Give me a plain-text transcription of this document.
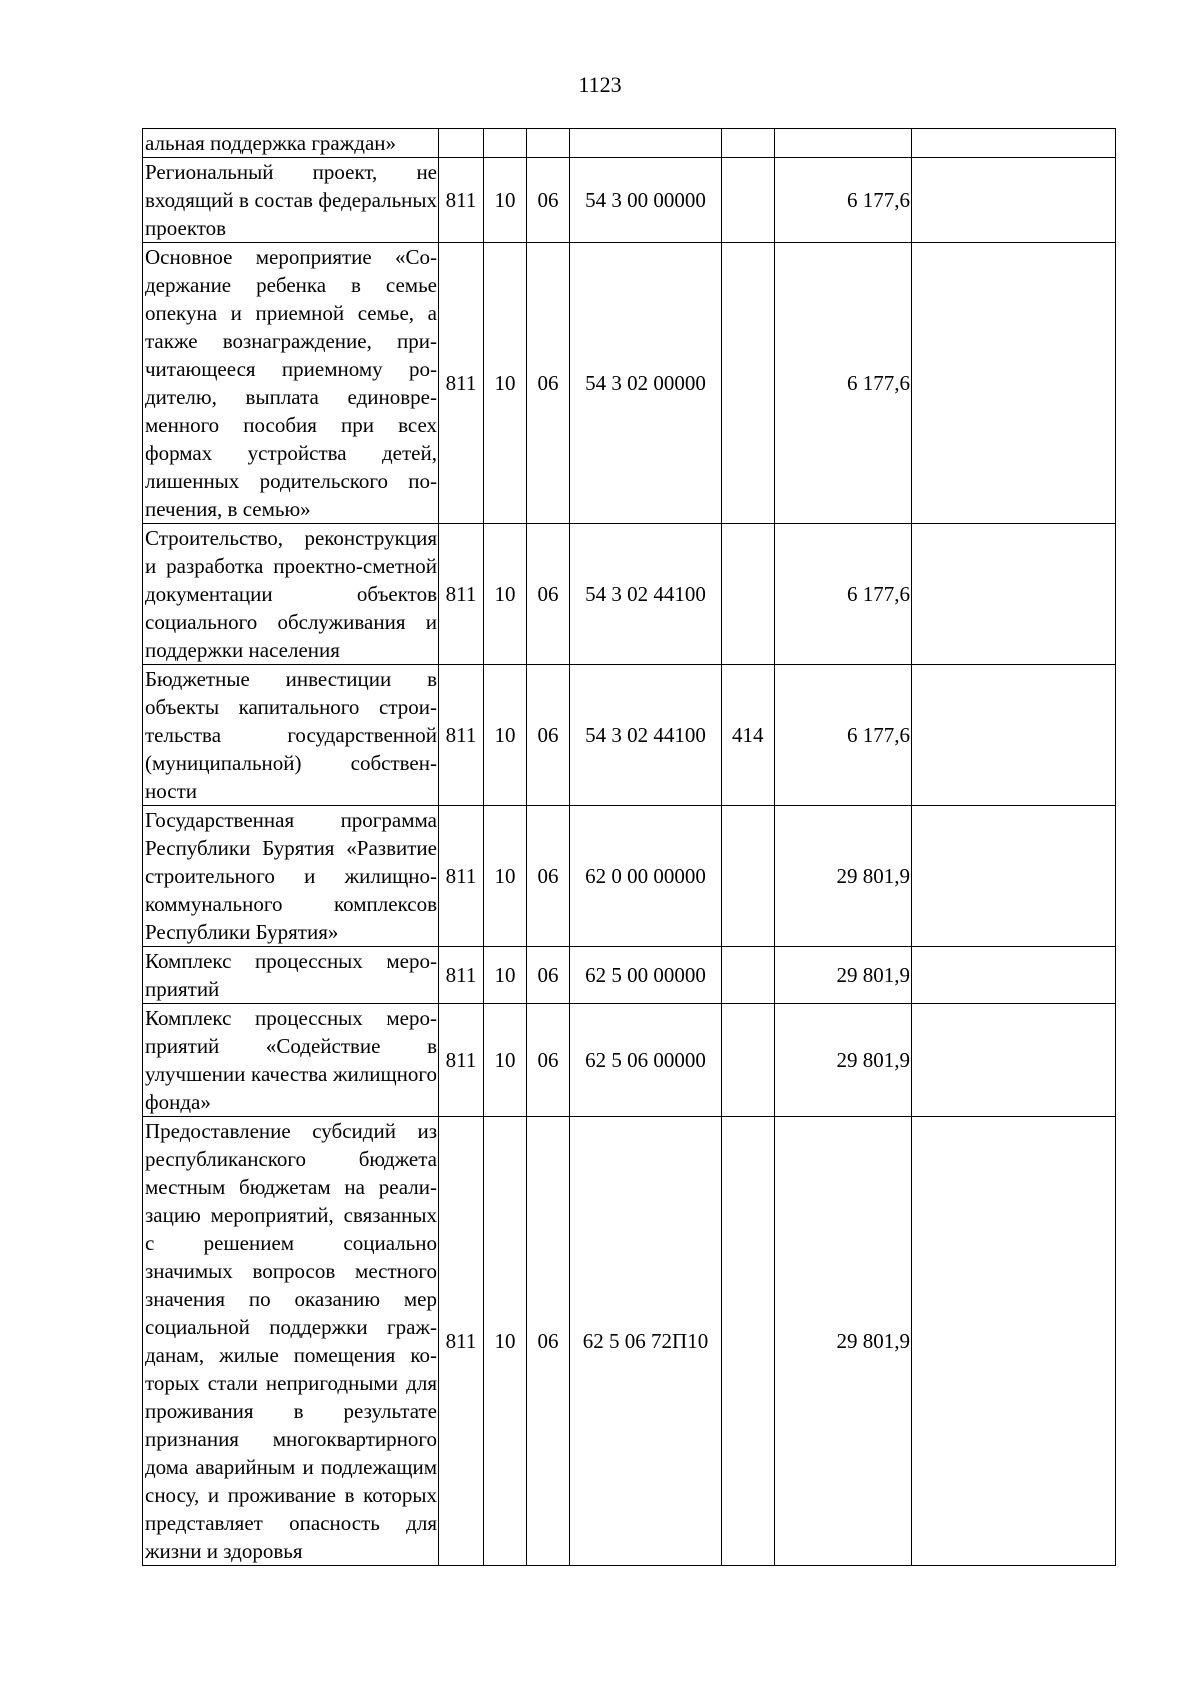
1123
альная поддержка граждан»							
Региональный проект, не входящий в состав федеральных проектов	811	10	06	54 3 00 00000		6 177,6	
Основное мероприятие «Содержание ребенка в семье опекуна и приемной семье, а также вознаграждение, причитающееся приемному родителю, выплата единовременного пособия при всех формах устройства детей, лишенных родительского попечения, в семью»	811	10	06	54 3 02 00000		6 177,6	
Строительство, реконструкция и разработка проектно-сметной документации объектов социального обслуживания и поддержки населения	811	10	06	54 3 02 44100		6 177,6	
Бюджетные инвестиции в объекты капитального строительства государственной (муниципальной) собственности	811	10	06	54 3 02 44100	414	6 177,6	
Государственная программа Республики Бурятия «Развитие строительного и жилищно-коммунального комплексов Республики Бурятия»	811	10	06	62 0 00 00000		29 801,9	
Комплекс процессных мероприятий	811	10	06	62 5 00 00000		29 801,9	
Комплекс процессных мероприятий «Содействие в улучшении качества жилищного фонда»	811	10	06	62 5 06 00000		29 801,9	
Предоставление субсидий из республиканского бюджета местным бюджетам на реализацию мероприятий, связанных с решением социально значимых вопросов местного значения по оказанию мер социальной поддержки гражданам, жилые помещения которых стали непригодными для проживания в результате признания многоквартирного дома аварийным и подлежащим сносу, и проживание в которых представляет опасность для жизни и здоровья	811	10	06	62 5 06 72П10		29 801,9	
